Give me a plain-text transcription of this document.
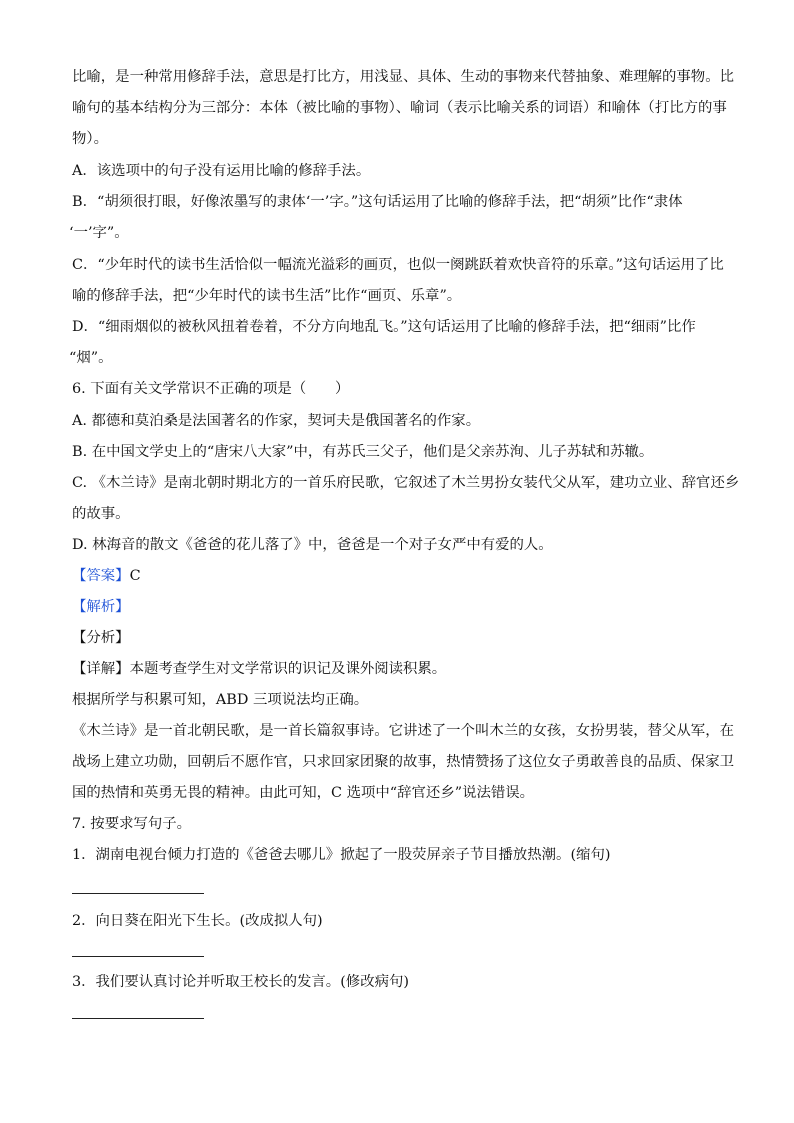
比喻，是一种常用修辞手法，意思是打比方，用浅显、具体、生动的事物来代替抽象、难理解的事物。比
喻句的基本结构分为三部分：本体（被比喻的事物）、喻词（表示比喻关系的词语）和喻体（打比方的事
物）。
A．该选项中的句子没有运用比喻的修辞手法。
B．“胡须很打眼，好像浓墨写的隶体‘一’字。”这句话运用了比喻的修辞手法，把“胡须”比作“隶体
‘一’字”。
C．“少年时代的读书生活恰似一幅流光溢彩的画页，也似一阕跳跃着欢快音符的乐章。”这句话运用了比
喻的修辞手法，把“少年时代的读书生活”比作“画页、乐章”。
D．“细雨烟似的被秋风扭着卷着，不分方向地乱飞。”这句话运用了比喻的修辞手法，把“细雨”比作
“烟”。
6. 下面有关文学常识不正确的项是（　　）
A. 都德和莫泊桑是法国著名的作家，契诃夫是俄国著名的作家。
B. 在中国文学史上的“唐宋八大家”中，有苏氏三父子，他们是父亲苏洵、儿子苏轼和苏辙。
C. 《木兰诗》是南北朝时期北方的一首乐府民歌，它叙述了木兰男扮女装代父从军，建功立业、辞官还乡
的故事。
D. 林海音的散文《爸爸的花儿落了》中，爸爸是一个对子女严中有爱的人。
【答案】C
【解析】
【分析】
【详解】本题考查学生对文学常识的识记及课外阅读积累。
根据所学与积累可知，ABD 三项说法均正确。
《木兰诗》是一首北朝民歌，是一首长篇叙事诗。它讲述了一个叫木兰的女孩，女扮男装，替父从军，在
战场上建立功勋，回朝后不愿作官，只求回家团聚的故事，热情赞扬了这位女子勇敢善良的品质、保家卫
国的热情和英勇无畏的精神。由此可知，C 选项中“辞官还乡”说法错误。
7. 按要求写句子。
1．湖南电视台倾力打造的《爸爸去哪儿》掀起了一股荧屏亲子节目播放热潮。(缩句)
2．向日葵在阳光下生长。(改成拟人句)
3．我们要认真讨论并听取王校长的发言。(修改病句)
